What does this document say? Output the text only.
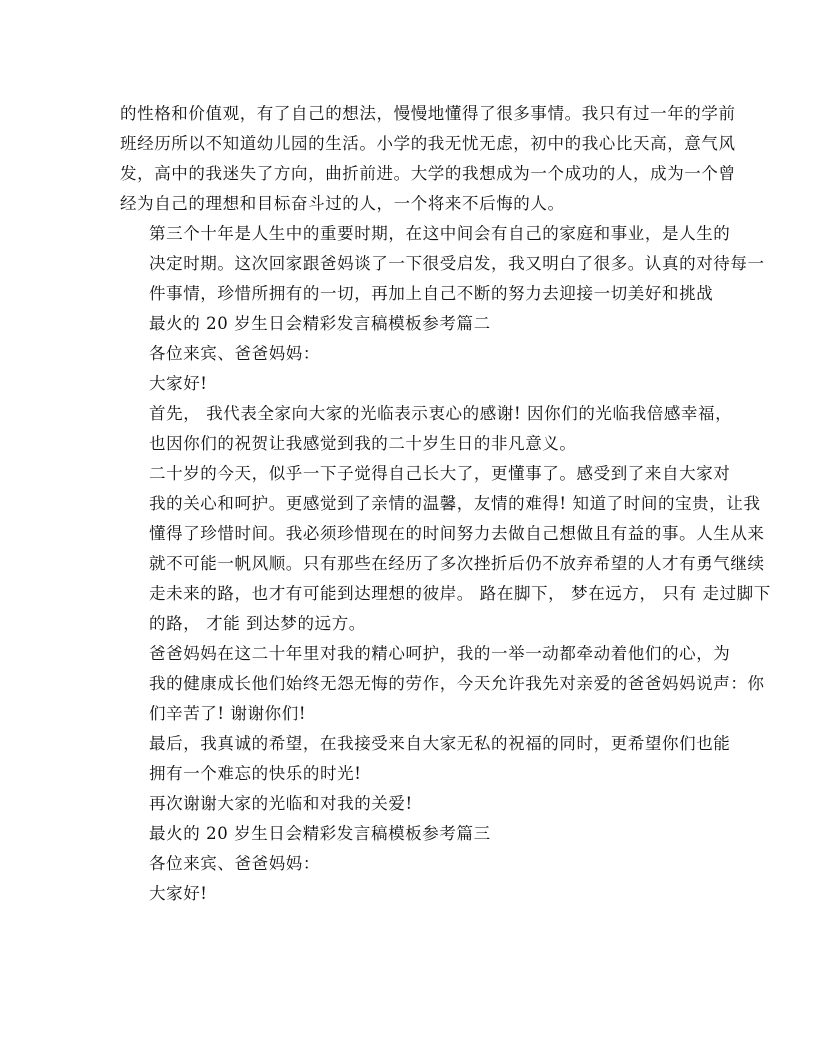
的性格和价值观，有了自己的想法，慢慢地懂得了很多事情。我只有过一年的学前
班经历所以不知道幼儿园的生活。小学的我无忧无虑，初中的我心比天高，意气风
发，高中的我迷失了方向，曲折前进。大学的我想成为一个成功的人，成为一个曾
经为自己的理想和目标奋斗过的人，一个将来不后悔的人。

第三个十年是人生中的重要时期，在这中间会有自己的家庭和事业，是人生的
决定时期。这次回家跟爸妈谈了一下很受启发，我又明白了很多。认真的对待每一
件事情，珍惜所拥有的一切，再加上自己不断的努力去迎接一切美好和挑战

最火的 20 岁生日会精彩发言稿模板参考篇二

各位来宾、爸爸妈妈：

大家好!

首先， 我代表全家向大家的光临表示衷心的感谢! 因你们的光临我倍感幸福，
也因你们的祝贺让我感觉到我的二十岁生日的非凡意义。

二十岁的今天，似乎一下子觉得自己长大了，更懂事了。感受到了来自大家对
我的关心和呵护。更感觉到了亲情的温馨，友情的难得! 知道了时间的宝贵，让我
懂得了珍惜时间。我必须珍惜现在的时间努力去做自己想做且有益的事。人生从来
就不可能一帆风顺。只有那些在经历了多次挫折后仍不放弃希望的人才有勇气继续
走未来的路，也才有可能到达理想的彼岸。 路在脚下， 梦在远方， 只有 走过脚下
的路， 才能 到达梦的远方。

爸爸妈妈在这二十年里对我的精心呵护，我的一举一动都牵动着他们的心，为
我的健康成长他们始终无怨无悔的劳作，今天允许我先对亲爱的爸爸妈妈说声：你
们辛苦了! 谢谢你们!

最后，我真诚的希望，在我接受来自大家无私的祝福的同时，更希望你们也能
拥有一个难忘的快乐的时光!

再次谢谢大家的光临和对我的关爱!

最火的 20 岁生日会精彩发言稿模板参考篇三

各位来宾、爸爸妈妈：

大家好!
